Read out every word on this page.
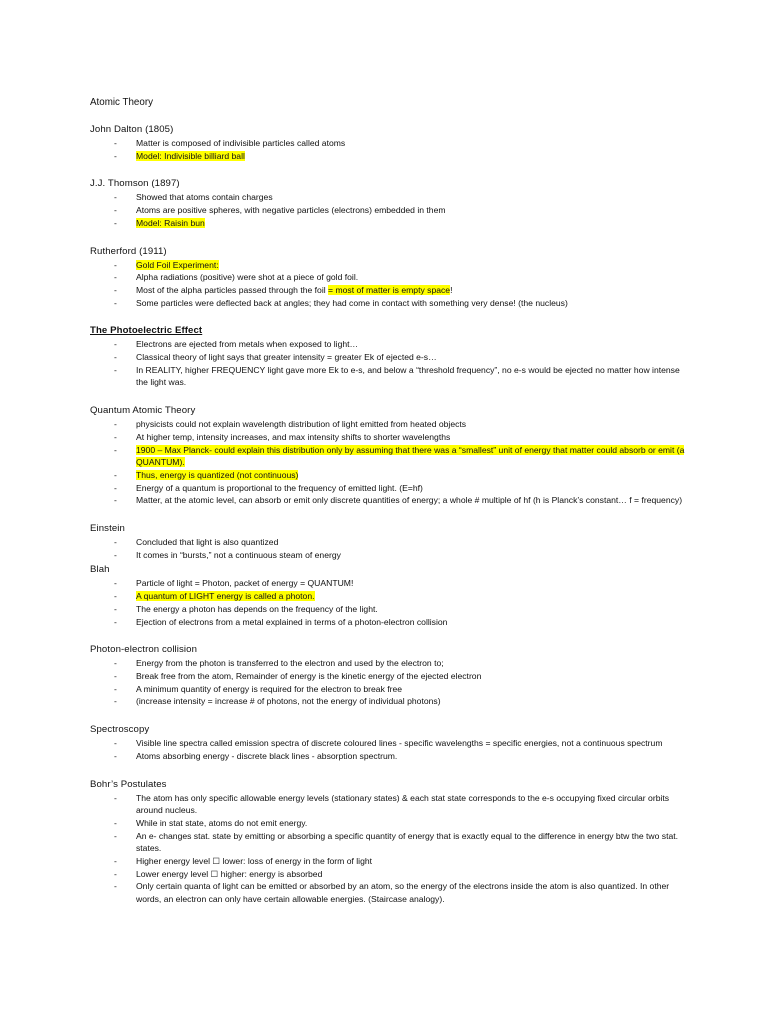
Atomic Theory
John Dalton (1805)
- Matter is composed of indivisible particles called atoms
- Model: Indivisible billiard ball
J.J. Thomson (1897)
- Showed that atoms contain charges
- Atoms are positive spheres, with negative particles (electrons) embedded in them
- Model: Raisin bun
Rutherford (1911)
- Gold Foil Experiment:
- Alpha radiations (positive) were shot at a piece of gold foil.
- Most of the alpha particles passed through the foil = most of matter is empty space!
- Some particles were deflected back at angles; they had come in contact with something very dense! (the nucleus)
The Photoelectric Effect
- Electrons are ejected from metals when exposed to light…
- Classical theory of light says that greater intensity = greater Ek of ejected e-s…
- In REALITY, higher FREQUENCY light gave more Ek to e-s, and below a “threshold frequency”, no e-s would be ejected no matter how intense the light was.
Quantum Atomic Theory
- physicists could not explain wavelength distribution of light emitted from heated objects
- At higher temp, intensity increases, and max intensity shifts to shorter wavelengths
- 1900 – Max Planck- could explain this distribution only by assuming that there was a “smallest” unit of energy that matter could absorb or emit (a QUANTUM).
- Thus, energy is quantized (not continuous)
- Energy of a quantum is proportional to the frequency of emitted light. (E=hf)
- Matter, at the atomic level, can absorb or emit only discrete quantities of energy; a whole # multiple of hf (h is Planck’s constant… f = frequency)
Einstein
- Concluded that light is also quantized
- It comes in “bursts,” not a continuous steam of energy
Blah
- Particle of light = Photon, packet of energy = QUANTUM!
- A quantum of LIGHT energy is called a photon.
- The energy a photon has depends on the frequency of the light.
- Ejection of electrons from a metal explained in terms of a photon-electron collision
Photon-electron collision
- Energy from the photon is transferred to the electron and used by the electron to;
- Break free from the atom, Remainder of energy is the kinetic energy of the ejected electron
- A minimum quantity of energy is required for the electron to break free
- (increase intensity = increase # of photons, not the energy of individual photons)
Spectroscopy
- Visible line spectra called emission spectra of discrete coloured lines - specific wavelengths = specific energies, not a continuous spectrum
- Atoms absorbing energy - discrete black lines - absorption spectrum.
Bohr’s Postulates
- The atom has only specific allowable energy levels (stationary states) & each stat state corresponds to the e-s occupying fixed circular orbits around nucleus.
- While in stat state, atoms do not emit energy.
- An e- changes stat. state by emitting or absorbing a specific quantity of energy that is exactly equal to the difference in energy btw the two stat. states.
- Higher energy level ☐ lower: loss of energy in the form of light
- Lower energy level ☐ higher: energy is absorbed
- Only certain quanta of light can be emitted or absorbed by an atom, so the energy of the electrons inside the atom is also quantized. In other words, an electron can only have certain allowable energies. (Staircase analogy).
